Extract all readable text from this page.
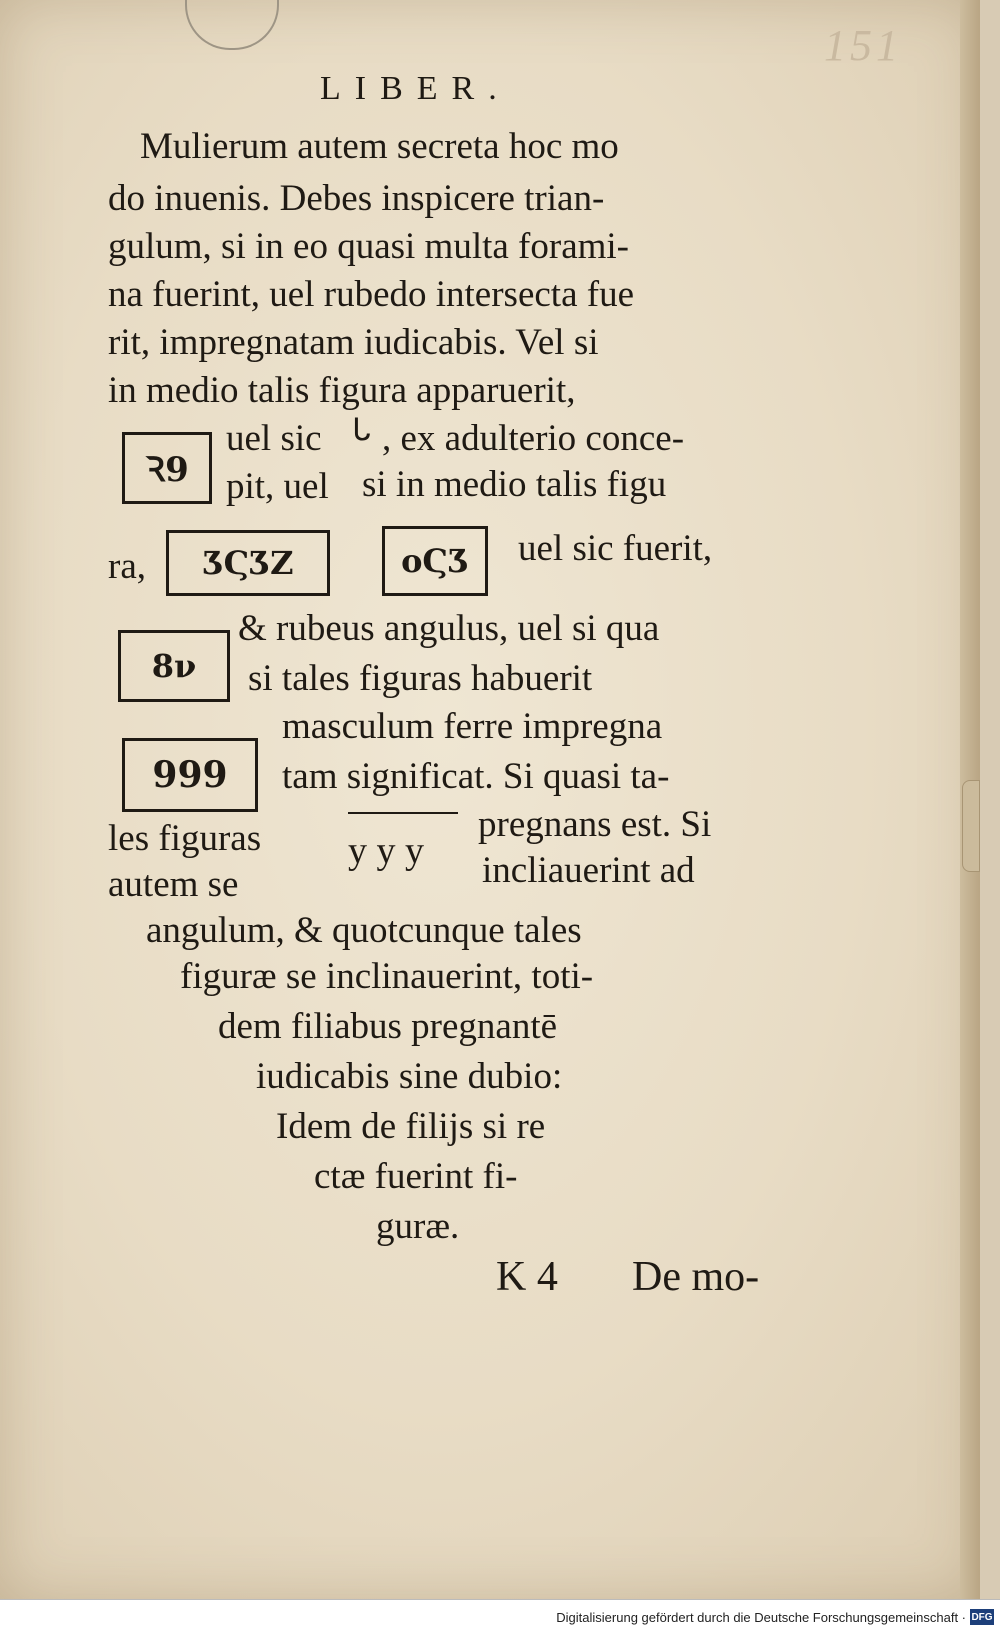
151
LIBER.
Mulierum autem secreta hoc mo
do inuenis. Debes inspicere trian-
gulum, si in eo quasi multa forami-
na fuerint, uel rubedo intersecta fue
rit, impregnatam iudicabis. Vel si
in medio talis figura apparuerit,
Ꝛ9
uel sic ᒐ , ex adulterio conce-
pit, uel si in medio talis figu
ra,	ƷϚƷZ	oϚƷ	uel sic fuerit,
8ν
& rubeus angulus, uel si qua
si tales figuras habuerit
999
masculum ferre impregna
tam significat. Si quasi ta-
les figuras y y y
pregnans est. Si
autem se	incliauerint ad
angulum, & quotcunque tales
figuræ se inclinauerint, toti-
dem filiabus pregnantē
iudicabis sine dubio:
Idem de filijs si re
ctæ fuerint fi-
guræ.
K 4 De mo-
Digitalisierung gefördert durch die Deutsche Forschungsgemeinschaft · DFG
